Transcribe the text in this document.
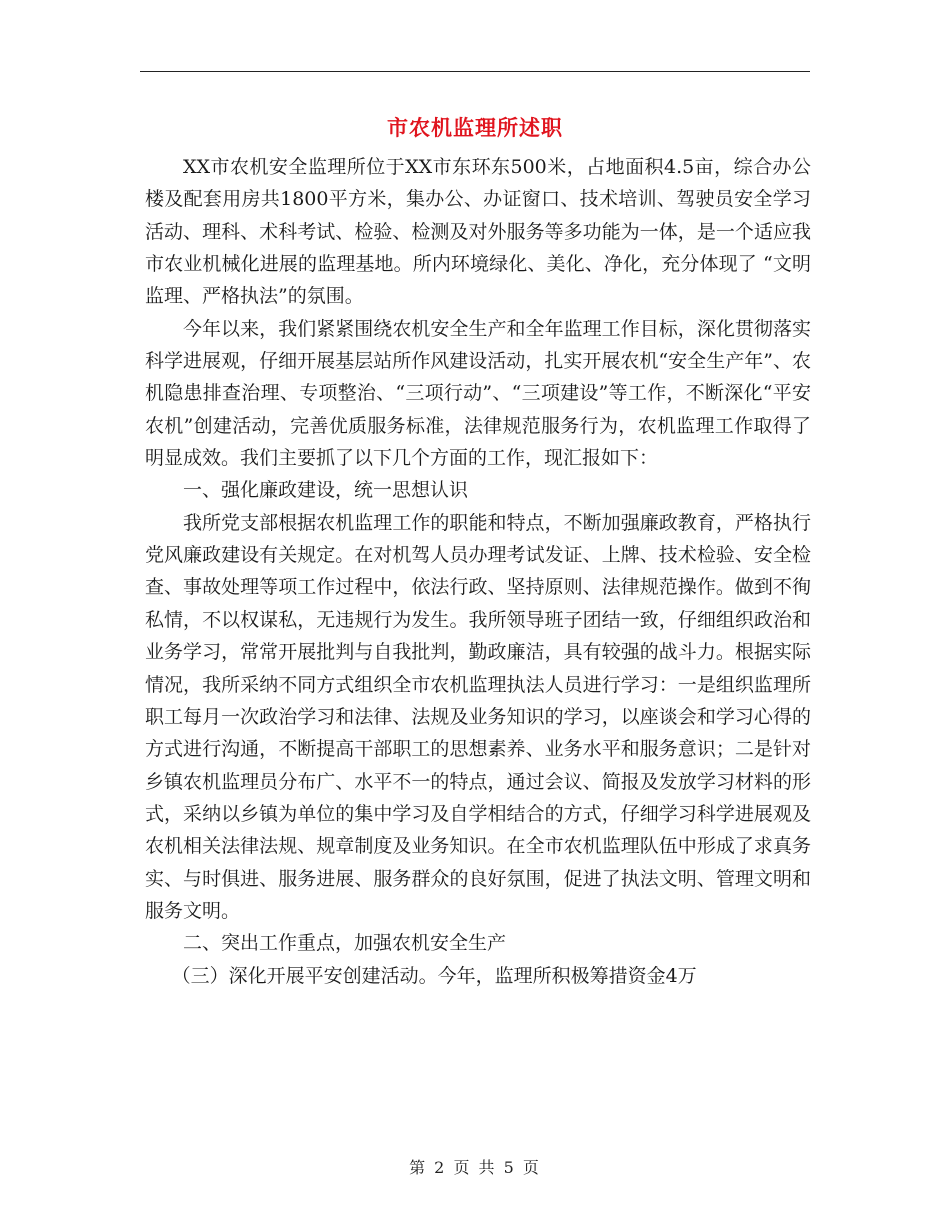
市农机监理所述职

XX市农机安全监理所位于XX市东环东500米，占地面积4.5亩，综合办公楼及配套用房共1800平方米，集办公、办证窗口、技术培训、驾驶员安全学习活动、理科、术科考试、检验、检测及对外服务等多功能为一体，是一个适应我市农业机械化进展的监理基地。所内环境绿化、美化、净化，充分体现了 “文明监理、严格执法”的氛围。

今年以来，我们紧紧围绕农机安全生产和全年监理工作目标，深化贯彻落实科学进展观，仔细开展基层站所作风建设活动，扎实开展农机“安全生产年”、农机隐患排查治理、专项整治、“三项行动”、“三项建设”等工作，不断深化“平安农机”创建活动，完善优质服务标准，法律规范服务行为，农机监理工作取得了明显成效。我们主要抓了以下几个方面的工作，现汇报如下：

一、强化廉政建设，统一思想认识

我所党支部根据农机监理工作的职能和特点，不断加强廉政教育，严格执行党风廉政建设有关规定。在对机驾人员办理考试发证、上牌、技术检验、安全检查、事故处理等项工作过程中，依法行政、坚持原则、法律规范操作。做到不徇私情，不以权谋私，无违规行为发生。我所领导班子团结一致，仔细组织政治和业务学习，常常开展批判与自我批判，勤政廉洁，具有较强的战斗力。根据实际情况，我所采纳不同方式组织全市农机监理执法人员进行学习：一是组织监理所职工每月一次政治学习和法律、法规及业务知识的学习，以座谈会和学习心得的方式进行沟通，不断提高干部职工的思想素养、业务水平和服务意识；二是针对乡镇农机监理员分布广、水平不一的特点，通过会议、简报及发放学习材料的形式，采纳以乡镇为单位的集中学习及自学相结合的方式，仔细学习科学进展观及农机相关法律法规、规章制度及业务知识。在全市农机监理队伍中形成了求真务实、与时俱进、服务进展、服务群众的良好氛围，促进了执法文明、管理文明和服务文明。

二、突出工作重点，加强农机安全生产

（三）深化开展平安创建活动。今年，监理所积极筹措资金4万

第 2 页 共 5 页
